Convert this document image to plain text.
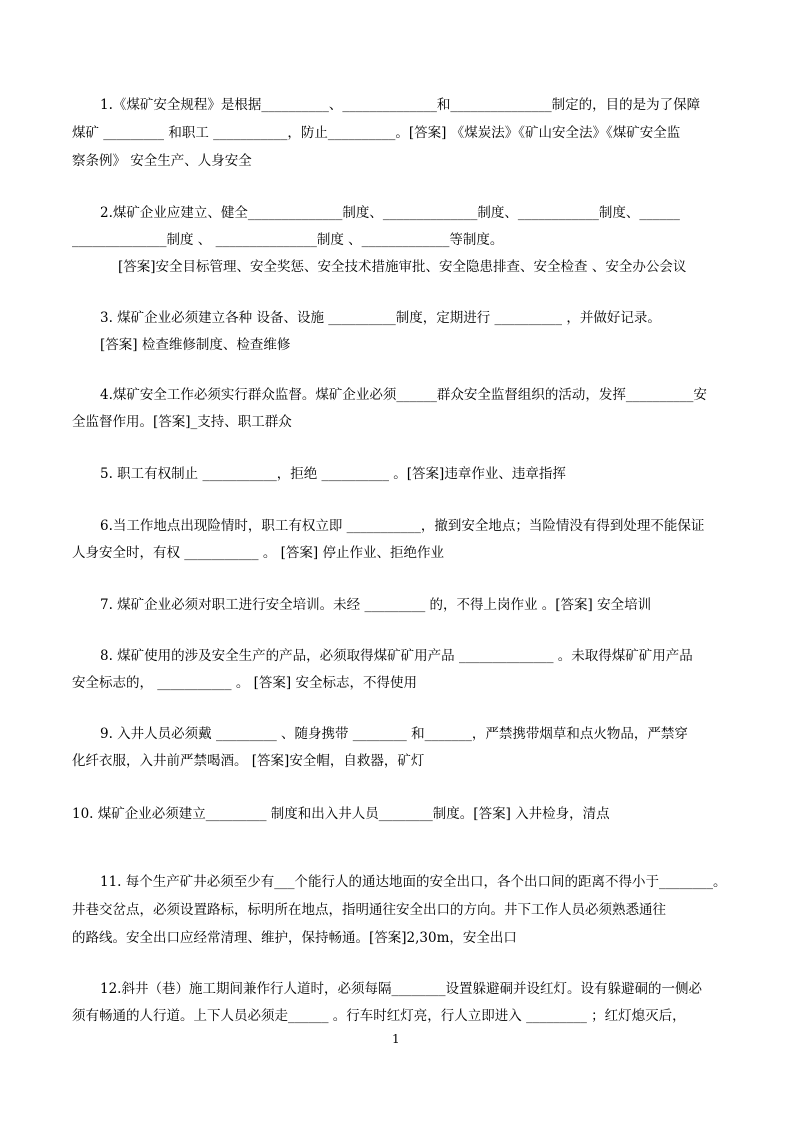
1.《煤矿安全规程》是根据__________、______________和_______________制定的，目的是为了保障
煤矿 _________ 和职工 ___________，防止__________。[答案] 《煤炭法》《矿山安全法》《煤矿安全监
察条例》 安全生产、人身安全
2.煤矿企业应建立、健全______________制度、______________制度、____________制度、______
______________制度 、 _______________制度 、_____________等制度。
[答案]安全目标管理、安全奖惩、安全技术措施审批、安全隐患排查、安全检查 、安全办公会议
3. 煤矿企业必须建立各种 设备、设施 __________制度，定期进行 __________ ，并做好记录。
[答案] 检查维修制度、检查维修
4.煤矿安全工作必须实行群众监督。煤矿企业必须______群众安全监督组织的活动，发挥__________安
全监督作用。[答案]_支持、职工群众
5. 职工有权制止 ___________，拒绝 __________ 。[答案]违章作业、违章指挥
6.当工作地点出现险情时，职工有权立即 ___________，撤到安全地点；当险情没有得到处理不能保证
人身安全时，有权 ___________ 。 [答案] 停止作业、拒绝作业
7. 煤矿企业必须对职工进行安全培训。未经 _________ 的，不得上岗作业 。[答案] 安全培训
8. 煤矿使用的涉及安全生产的产品，必须取得煤矿矿用产品 ______________ 。未取得煤矿矿用产品
安全标志的， ___________ 。 [答案] 安全标志，不得使用
9. 入井人员必须戴 _________ 、随身携带 ________ 和_______，严禁携带烟草和点火物品，严禁穿
化纤衣服，入井前严禁喝酒。 [答案]安全帽，自救器，矿灯
10. 煤矿企业必须建立_________ 制度和出入井人员________制度。[答案] 入井检身，清点
11. 每个生产矿井必须至少有___个能行人的通达地面的安全出口，各个出口间的距离不得小于________。
井巷交岔点，必须设置路标，标明所在地点，指明通往安全出口的方向。井下工作人员必须熟悉通往
的路线。安全出口应经常清理、维护，保持畅通。[答案]2,30m，安全出口
12.斜井（巷）施工期间兼作行人道时，必须每隔________设置躲避硐并设红灯。设有躲避硐的一侧必
须有畅通的人行道。上下人员必须走______ 。行车时红灯亮，行人立即进入 _________ ；红灯熄灭后，
1
